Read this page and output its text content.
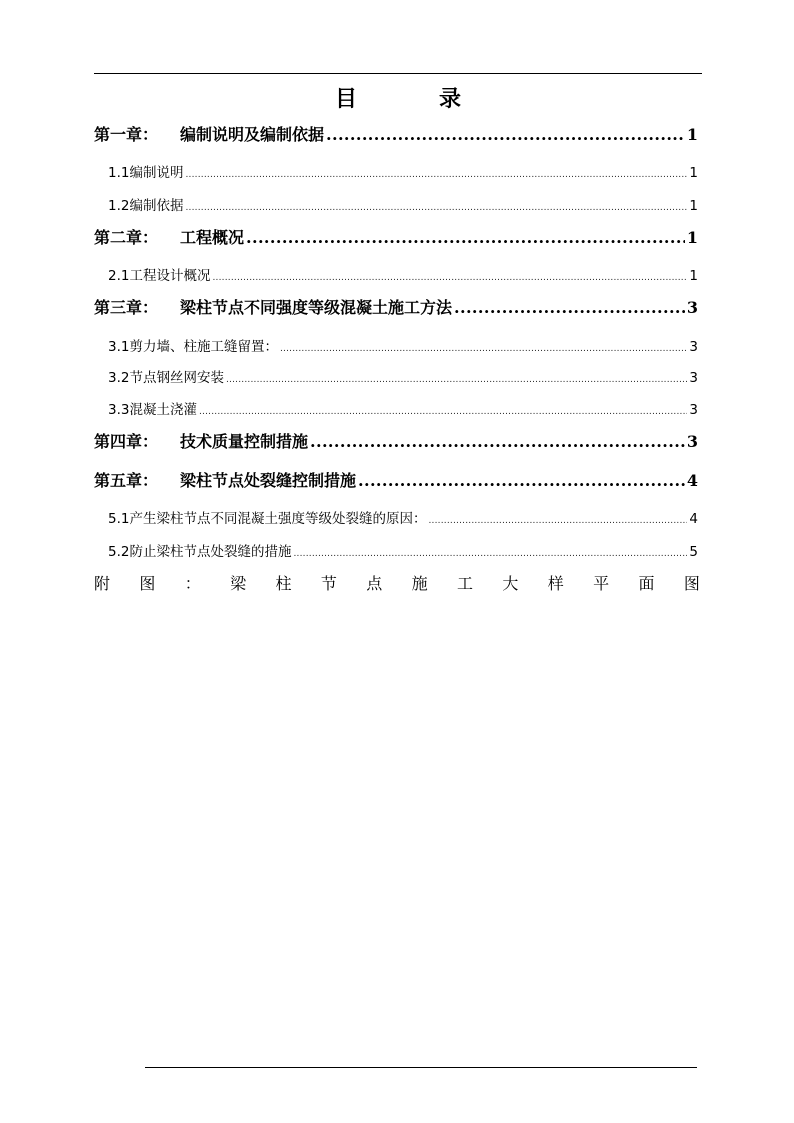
目　录
第一章： 编制说明及编制依据 .....	1
1.1编制说明 .....	1
1.2编制依据 .....	1
第二章： 工程概况 .....	1
2.1工程设计概况 .....	1
第三章： 梁柱节点不同强度等级混凝土施工方法 .....	3
3.1剪力墙、柱施工缝留置： .....	3
3.2节点钢丝网安装 .....	3
3.3混凝土浇灌 .....	3
第四章： 技术质量控制措施 .....	3
第五章： 梁柱节点处裂缝控制措施 .....	4
5.1产生梁柱节点不同混凝土强度等级处裂缝的原因： .....	4
5.2防止梁柱节点处裂缝的措施 .....	5
附 图 ： 梁 柱 节 点 施 工 大 样 平 面 图
